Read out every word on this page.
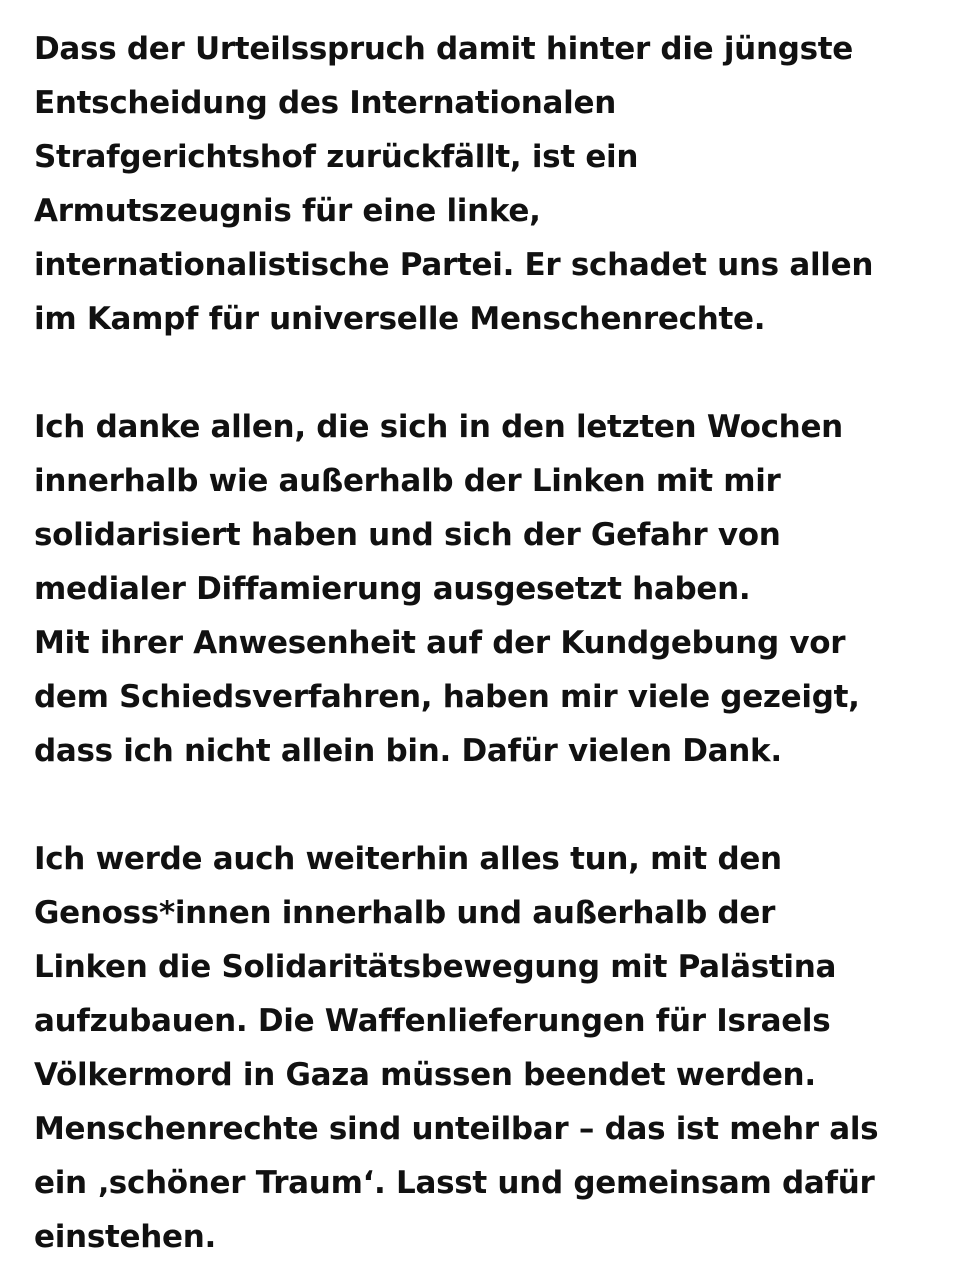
Dass der Urteilsspruch damit hinter die jüngste
Entscheidung des Internationalen
Strafgerichtshof zurückfällt, ist ein
Armutszeugnis für eine linke,
internationalistische Partei. Er schadet uns allen
im Kampf für universelle Menschenrechte.
Ich danke allen, die sich in den letzten Wochen
innerhalb wie außerhalb der Linken mit mir
solidarisiert haben und sich der Gefahr von
medialer Diffamierung ausgesetzt haben.
Mit ihrer Anwesenheit auf der Kundgebung vor
dem Schiedsverfahren, haben mir viele gezeigt,
dass ich nicht allein bin. Dafür vielen Dank.
Ich werde auch weiterhin alles tun, mit den
Genoss*innen innerhalb und außerhalb der
Linken die Solidaritätsbewegung mit Palästina
aufzubauen. Die Waffenlieferungen für Israels
Völkermord in Gaza müssen beendet werden.
Menschenrechte sind unteilbar – das ist mehr als
ein ‚schöner Traum‘. Lasst und gemeinsam dafür
einstehen.
